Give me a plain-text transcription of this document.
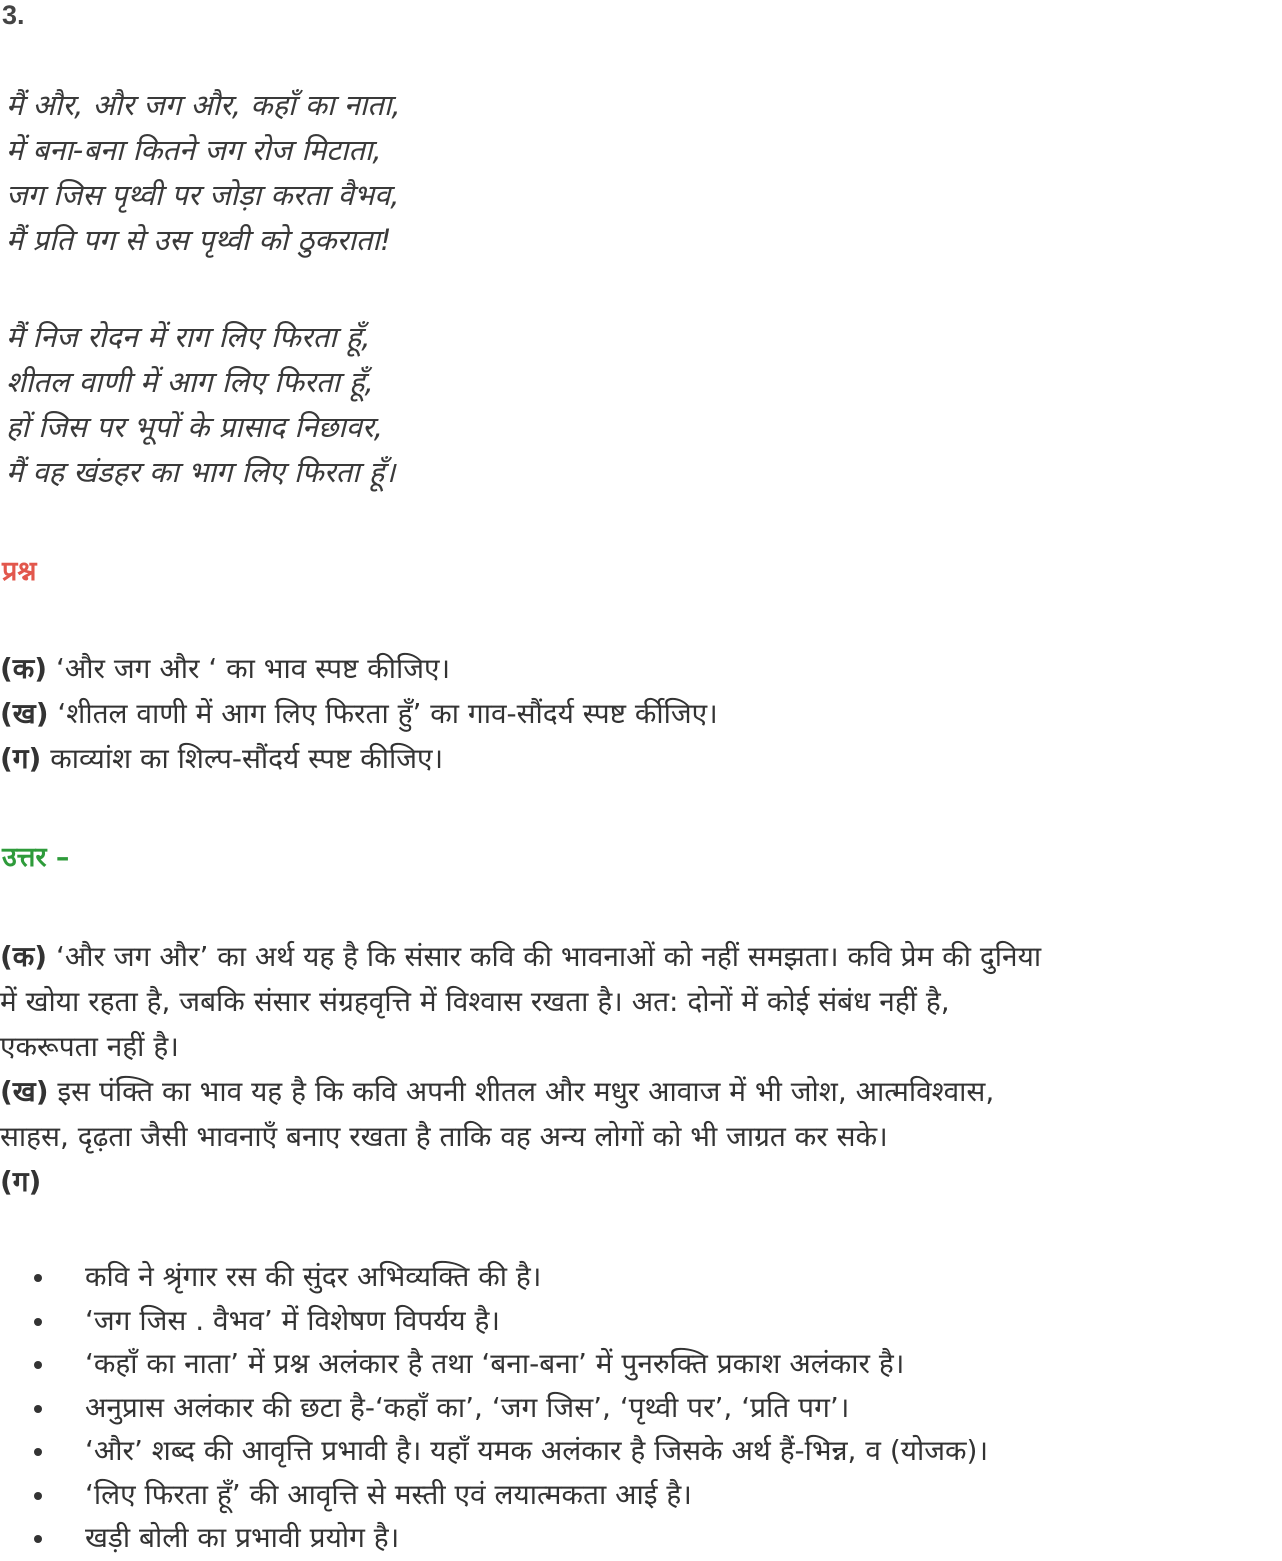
3.
मैं और, और जग और, कहाँ का नाता,
में बना-बना कितने जग रोज मिटाता,
जग जिस पृथ्वी पर जोड़ा करता वैभव,
मैं प्रति पग से उस पृथ्वी को ठुकराता!
मैं निज रोदन में राग लिए फिरता हूँ,
शीतल वाणी में आग लिए फिरता हूँ,
हों जिस पर भूपों के प्रासाद निछावर,
मैं वह खंडहर का भाग लिए फिरता हूँ।
प्रश्न
(क) ‘और जग और ‘ का भाव स्पष्ट कीजिए।
(ख) ‘शीतल वाणी में आग लिए फिरता हुँ’ का गाव-सौंदर्य स्पष्ट र्कीजिए।
(ग) काव्यांश का शिल्प-सौंदर्य स्पष्ट कीजिए।
उत्तर –
(क) ‘और जग और’ का अर्थ यह है कि संसार कवि की भावनाओं को नहीं समझता। कवि प्रेम की दुनिया
में खोया रहता है, जबकि संसार संग्रहवृत्ति में विश्वास रखता है। अत: दोनों में कोई संबंध नहीं है,
एकरूपता नहीं है।
(ख) इस पंक्ति का भाव यह है कि कवि अपनी शीतल और मधुर आवाज में भी जोश, आत्मविश्वास,
साहस, दृढ़ता जैसी भावनाएँ बनाए रखता है ताकि वह अन्य लोगों को भी जाग्रत कर सके।
(ग)
कवि ने श्रृंगार रस की सुंदर अभिव्यक्ति की है।
‘जग जिस . वैभव’ में विशेषण विपर्यय है।
‘कहाँ का नाता’ में प्रश्न अलंकार है तथा ‘बना-बना’ में पुनरुक्ति प्रकाश अलंकार है।
अनुप्रास अलंकार की छटा है-‘कहाँ का’, ‘जग जिस’, ‘पृथ्वी पर’, ‘प्रति पग’।
‘और’ शब्द की आवृत्ति प्रभावी है। यहाँ यमक अलंकार है जिसके अर्थ हैं-भिन्न, व (योजक)।
‘लिए फिरता हूँ’ की आवृत्ति से मस्ती एवं लयात्मकता आई है।
खड़ी बोली का प्रभावी प्रयोग है।
